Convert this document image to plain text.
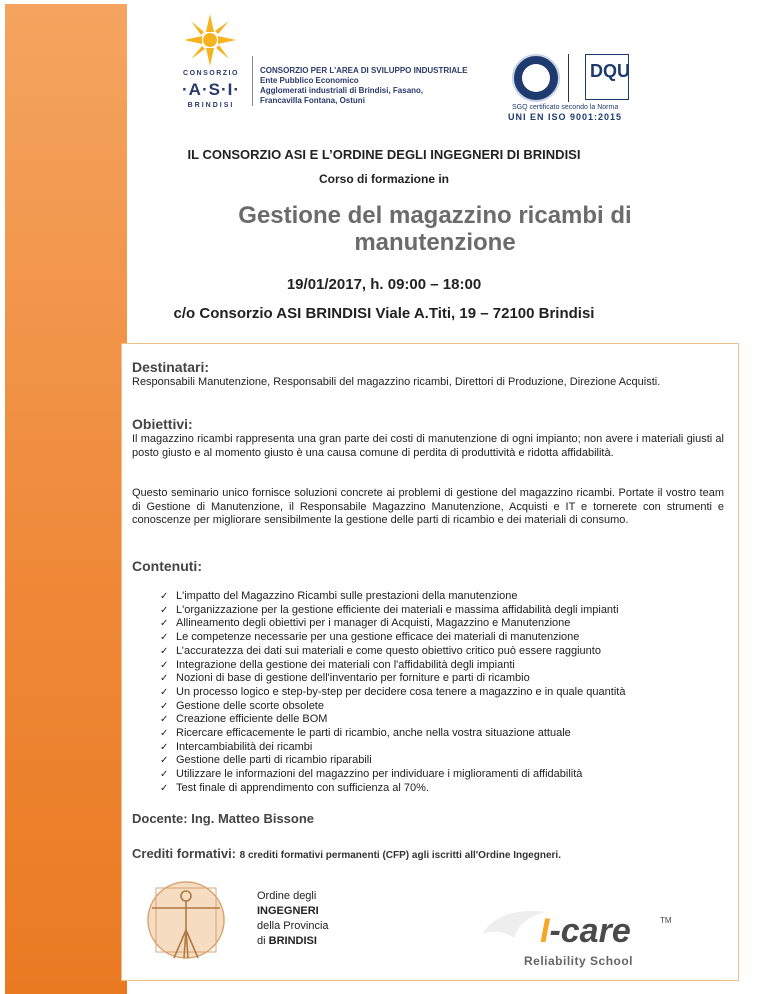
CONSORZIO
·A·S·I·
BRINDISI
CONSORZIO PER L'AREA DI SVILUPPO INDUSTRIALE
Ente Pubblico Economico
Agglomerati industriali di Brindisi, Fasano,
Francavilla Fontana, Ostuni
DQU
SGQ certificato secondo la Norma
UNI EN ISO 9001:2015
IL CONSORZIO ASI E L’ORDINE DEGLI INGEGNERI DI BRINDISI
Corso di formazione in
Gestione del magazzino ricambi di
manutenzione
19/01/2017, h. 09:00 – 18:00
c/o Consorzio ASI BRINDISI Viale A.Titi, 19 – 72100 Brindisi
Destinatari:
Responsabili Manutenzione, Responsabili del magazzino ricambi, Direttori di Produzione, Direzione Acquisti.
Obiettivi:
Il magazzino ricambi rappresenta una gran parte dei costi di manutenzione di ogni impianto; non avere i materiali giusti al posto giusto e al momento giusto è una causa comune di perdita di produttività e ridotta affidabilità.
Questo seminario unico fornisce soluzioni concrete ai problemi di gestione del magazzino ricambi. Portate il vostro team di Gestione di Manutenzione, il Responsabile Magazzino Manutenzione, Acquisti e IT e tornerete con strumenti e conoscenze per migliorare sensibilmente la gestione delle parti di ricambio e dei materiali di consumo.
Contenuti:
✓ L'impatto del Magazzino Ricambi sulle prestazioni della manutenzione
✓ L'organizzazione per la gestione efficiente dei materiali e massima affidabilità degli impianti
✓ Allineamento degli obiettivi per i manager di Acquisti, Magazzino e Manutenzione
✓ Le competenze necessarie per una gestione efficace dei materiali di manutenzione
✓ L’accuratezza dei dati sui materiali e come questo obiettivo critico può essere raggiunto
✓ Integrazione della gestione dei materiali con l'affidabilità degli impianti
✓ Nozioni di base di gestione dell'inventario per forniture e parti di ricambio
✓ Un processo logico e step-by-step per decidere cosa tenere a magazzino e in quale quantità
✓ Gestione delle scorte obsolete
✓ Creazione efficiente delle BOM
✓ Ricercare efficacemente le parti di ricambio, anche nella vostra situazione attuale
✓ Intercambiabilità dei ricambi
✓ Gestione delle parti di ricambio riparabili
✓ Utilizzare le informazioni del magazzino per individuare i miglioramenti di affidabilità
✓ Test finale di apprendimento con sufficienza al 70%.
Docente: Ing. Matteo Bissone
Crediti formativi: 8 crediti formativi permanenti (CFP) agli iscritti all'Ordine Ingegneri.
Ordine degli
INGEGNERI
della Provincia
di BRINDISI	I-care	TM
Reliability School
